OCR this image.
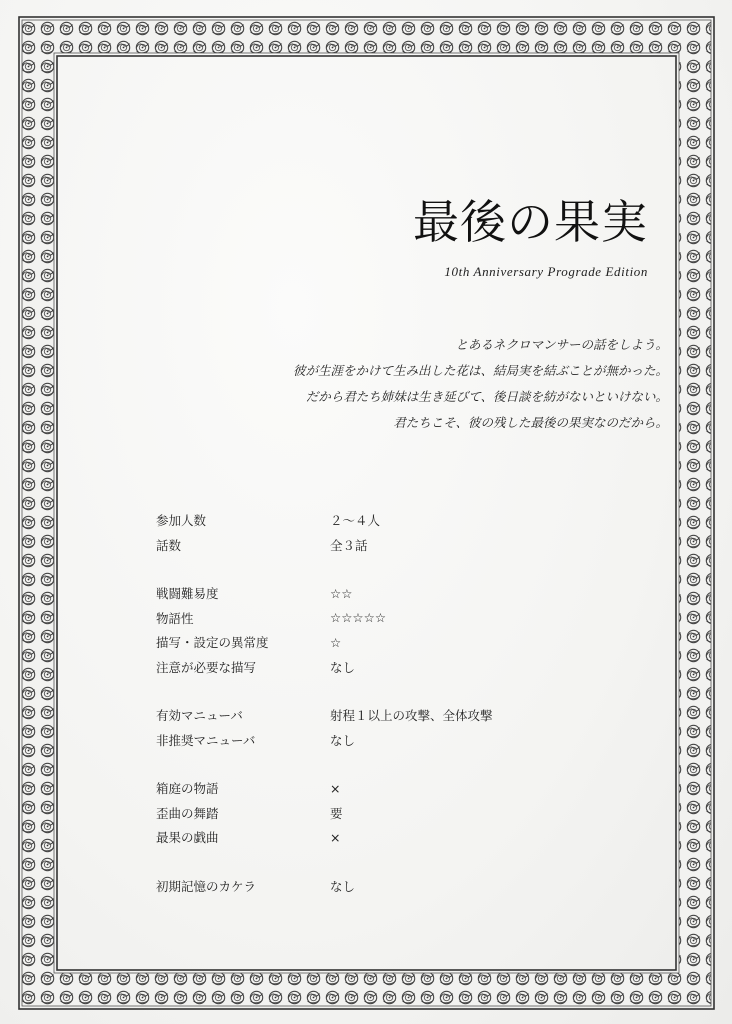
最後の果実
10th Anniversary Prograde Edition
とあるネクロマンサーの話をしよう。
彼が生涯をかけて生み出した花は、結局実を結ぶことが無かった。
だから君たち姉妹は生き延びて、後日談を紡がないといけない。
君たちこそ、彼の残した最後の果実なのだから。
参加人数	２～４人
話数	全３話
戦闘難易度	☆☆
物語性	☆☆☆☆☆
描写・設定の異常度	☆
注意が必要な描写	なし
有効マニューバ	射程１以上の攻撃、全体攻撃
非推奨マニューバ	なし
箱庭の物語	×
歪曲の舞踏	要
最果の戯曲	×
初期記憶のカケラ	なし
